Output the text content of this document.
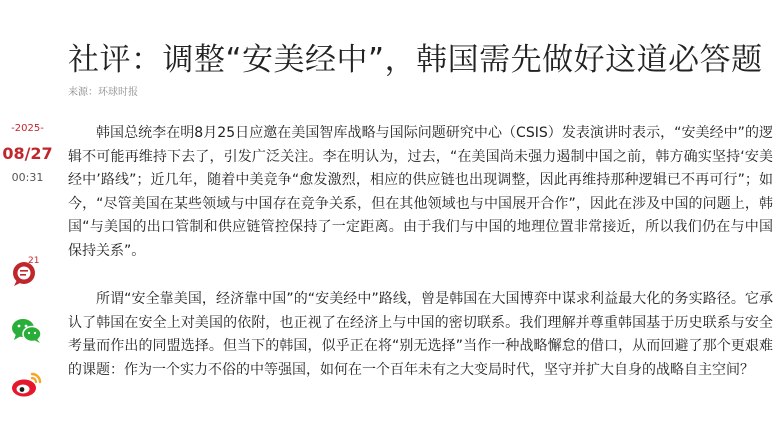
社评：调整“安美经中”，韩国需先做好这道必答题
来源：环球时报
-2025-
08/27
00:31
21

韩国总统李在明8月25日应邀在美国智库战略与国际问题研究中心（CSIS）发表演讲时表示，“安美经中”的逻辑不可能再维持下去了，引发广泛关注。李在明认为，过去，“在美国尚未强力遏制中国之前，韩方确实坚持‘安美经中’路线”；近几年，随着中美竞争“愈发激烈，相应的供应链也出现调整，因此再维持那种逻辑已不再可行”；如今，“尽管美国在某些领域与中国存在竞争关系，但在其他领域也与中国展开合作”，因此在涉及中国的问题上，韩国“与美国的出口管制和供应链管控保持了一定距离。由于我们与中国的地理位置非常接近，所以我们仍在与中国保持关系”。

所谓“安全靠美国，经济靠中国”的“安美经中”路线，曾是韩国在大国博弈中谋求利益最大化的务实路径。它承认了韩国在安全上对美国的依附，也正视了在经济上与中国的密切联系。我们理解并尊重韩国基于历史联系与安全考量而作出的同盟选择。但当下的韩国，似乎正在将“别无选择”当作一种战略懈怠的借口，从而回避了那个更艰难的课题：作为一个实力不俗的中等强国，如何在一个百年未有之大变局时代，坚守并扩大自身的战略自主空间？
